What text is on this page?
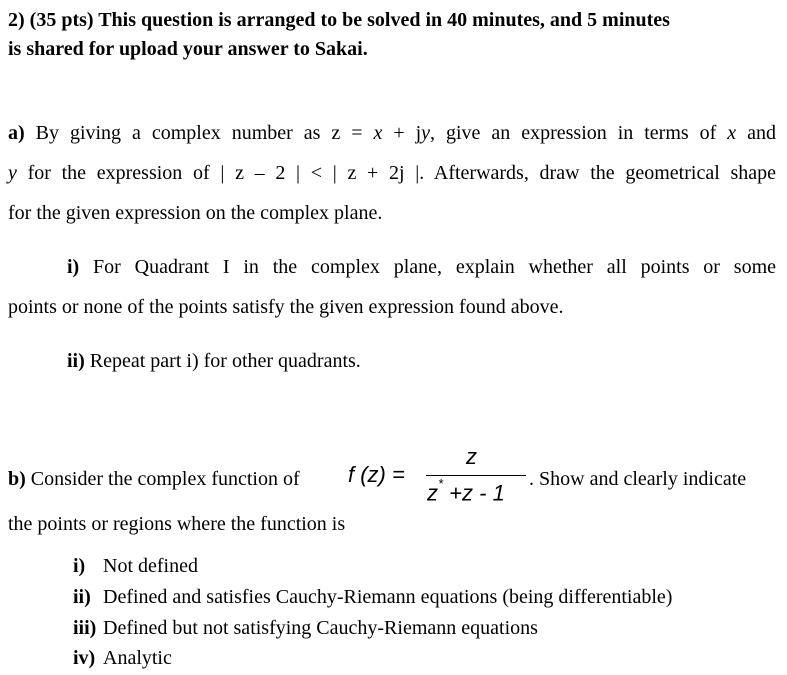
2) (35 pts) This question is arranged to be solved in 40 minutes, and 5 minutes
is shared for upload your answer to Sakai.
a) By giving a complex number as z = x + jy, give an expression in terms of x and
y for the expression of | z – 2 | < | z + 2j |. Afterwards, draw the geometrical shape
for the given expression on the complex plane.
i) For Quadrant I in the complex plane, explain whether all points or some
points or none of the points satisfy the given expression found above.
ii) Repeat part i) for other quadrants.
b) Consider the complex function of f (z) =
z
z* +z - 1
. Show and clearly indicate
the points or regions where the function is
i) Not defined
ii) Defined and satisfies Cauchy-Riemann equations (being differentiable)
iii) Defined but not satisfying Cauchy-Riemann equations
iv) Analytic
